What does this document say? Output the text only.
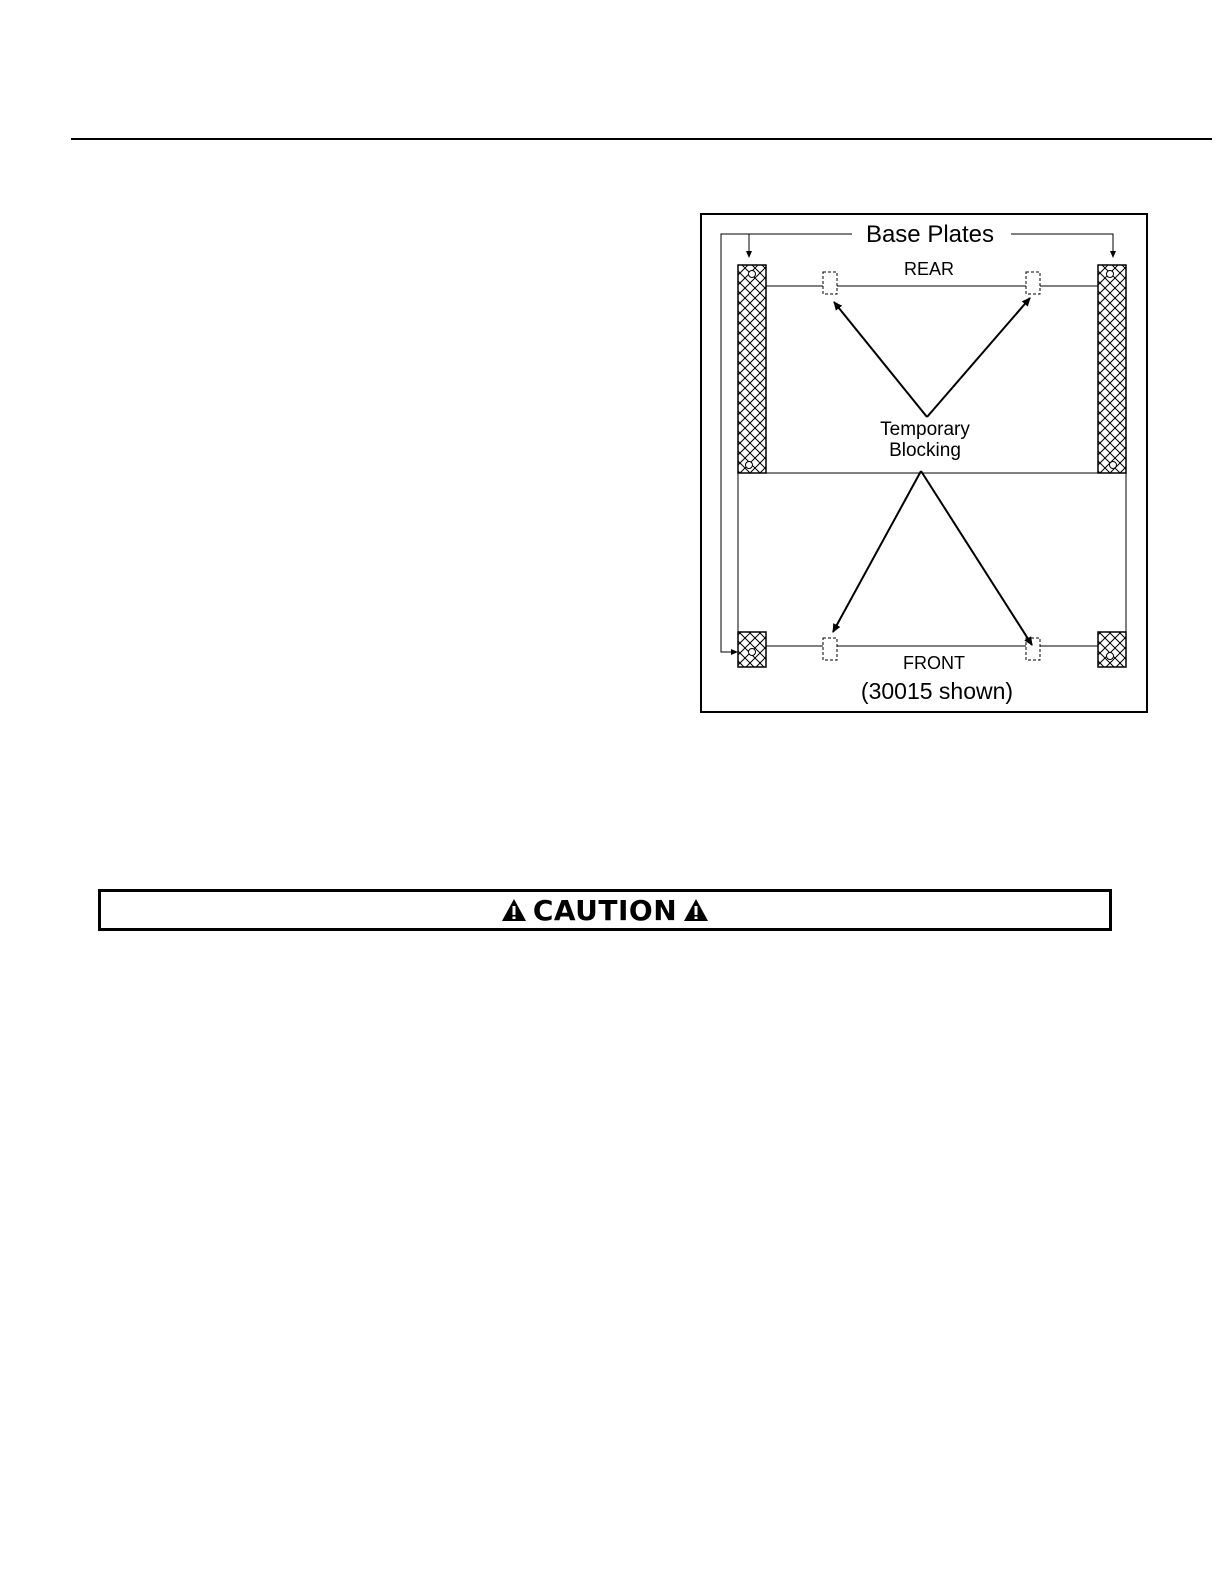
Base Plates
REAR
Temporary
Blocking
FRONT
(30015 shown)
CAUTION
